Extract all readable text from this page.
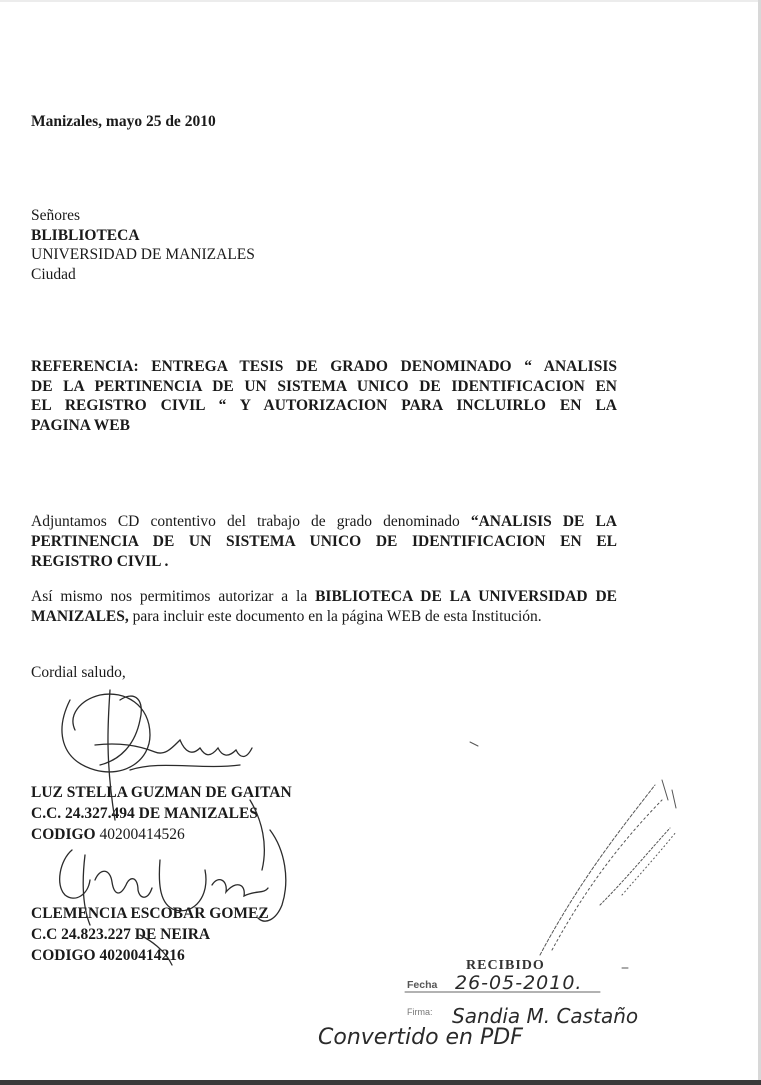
Manizales, mayo 25 de 2010
Señores
BLIBLIOTECA
UNIVERSIDAD DE MANIZALES
Ciudad
REFERENCIA: ENTREGA TESIS DE GRADO DENOMINADO “ ANALISIS
DE LA PERTINENCIA DE UN SISTEMA UNICO DE IDENTIFICACION EN
EL REGISTRO CIVIL “ Y AUTORIZACION PARA INCLUIRLO EN LA
PAGINA WEB
Adjuntamos CD contentivo del trabajo de grado denominado “ANALISIS DE LA
PERTINENCIA DE UN SISTEMA UNICO DE IDENTIFICACION EN EL
REGISTRO CIVIL .
Así mismo nos permitimos autorizar a la BIBLIOTECA DE LA UNIVERSIDAD DE
MANIZALES, para incluir este documento en la página WEB de esta Institución.
Cordial saludo,
LUZ STELLA GUZMAN DE GAITAN
C.C. 24.327.494 DE MANIZALES
CODIGO 40200414526
CLEMENCIA ESCOBAR GOMEZ
C.C 24.823.227 DE NEIRA
CODIGO 40200414216
RECIBIDO
Fecha 26-05-2010.
Firma: Sandia M. Castaño
Convertido en PDF
